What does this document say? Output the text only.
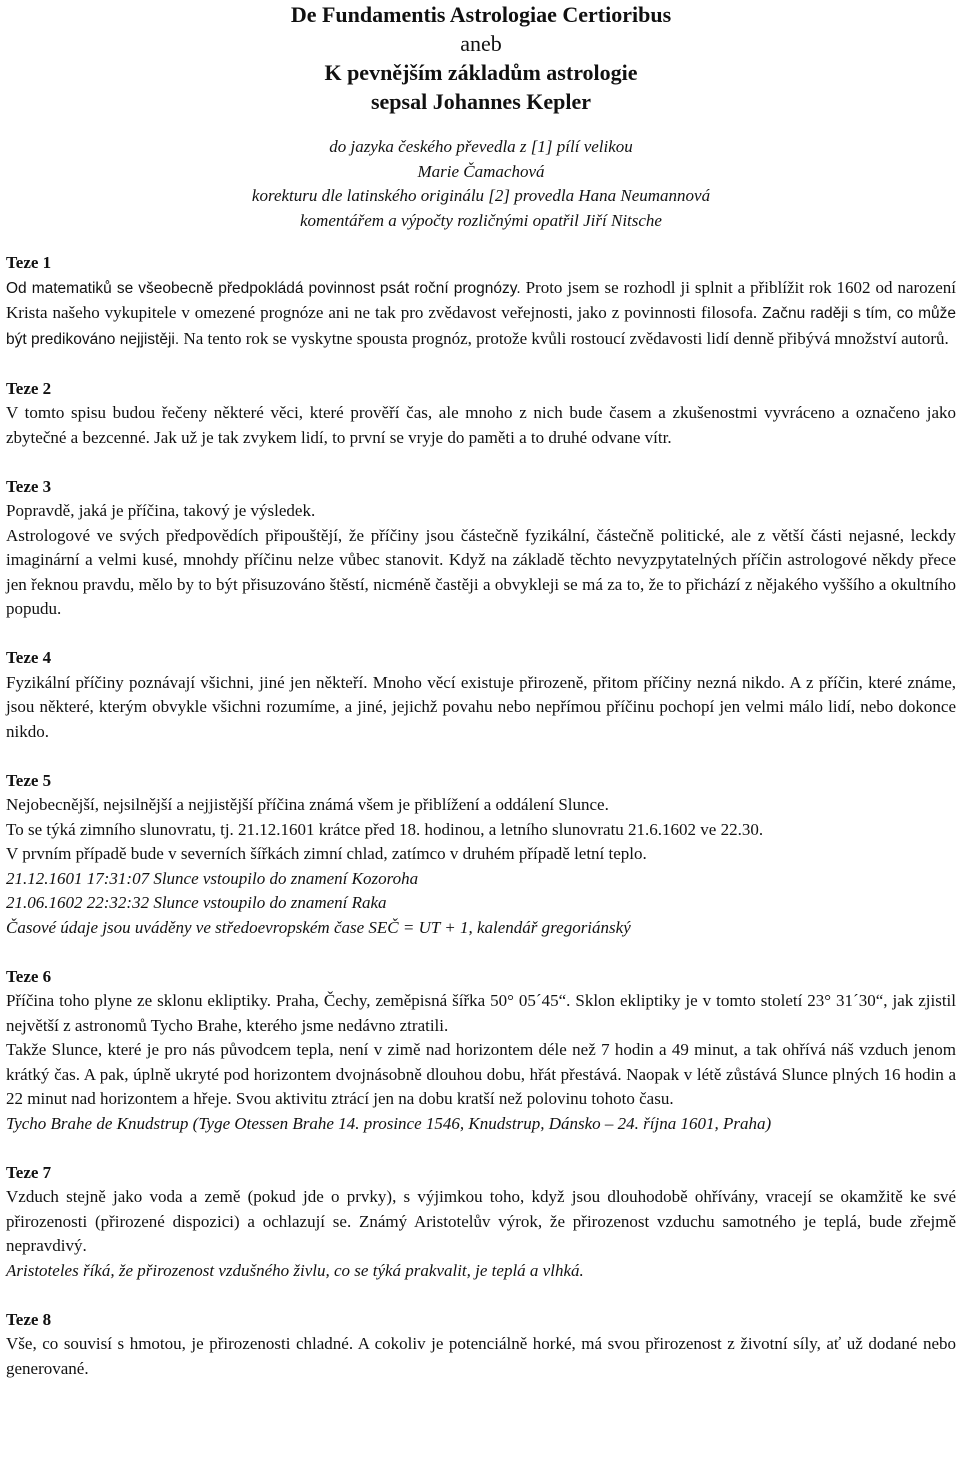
De Fundamentis Astrologiae Certioribus
aneb
K pevnějším základům astrologie
sepsal Johannes Kepler
do jazyka českého převedla z [1] pílí velikou
Marie Čamachová
korekturu dle latinského originálu [2] provedla Hana Neumannová
komentářem a výpočty rozličnými opatřil Jiří Nitsche
Teze 1

Od matematiků se všeobecně předpokládá povinnost psát roční prognózy. Proto jsem se rozhodl ji splnit a přiblížit rok 1602 od narození Krista našeho vykupitele v omezené prognóze ani ne tak pro zvědavost veřejnosti, jako z povinnosti filosofa. Začnu raději s tím, co může být predikováno nejjistěji. Na tento rok se vyskytne spousta prognóz, protože kvůli rostoucí zvědavosti lidí denně přibývá množství autorů.

Teze 2

V tomto spisu budou řečeny některé věci, které prověří čas, ale mnoho z nich bude časem a zkušenostmi vyvráceno a označeno jako zbytečné a bezcenné. Jak už je tak zvykem lidí, to první se vryje do paměti a to druhé odvane vítr.

Teze 3

Popravdě, jaká je příčina, takový je výsledek.

Astrologové ve svých předpovědích připouštějí, že příčiny jsou částečně fyzikální, částečně politické, ale z větší části nejasné, leckdy imaginární a velmi kusé, mnohdy příčinu nelze vůbec stanovit. Když na základě těchto nevyzpytatelných příčin astrologové někdy přece jen řeknou pravdu, mělo by to být přisuzováno štěstí, nicméně častěji a obvykleji se má za to, že to přichází z nějakého vyššího a okultního popudu.

Teze 4

Fyzikální příčiny poznávají všichni, jiné jen někteří. Mnoho věcí existuje přirozeně, přitom příčiny nezná nikdo. A z příčin, které známe, jsou některé, kterým obvykle všichni rozumíme, a jiné, jejichž povahu nebo nepřímou příčinu pochopí jen velmi málo lidí, nebo dokonce nikdo.

Teze 5

Nejobecnější, nejsilnější a nejjistější příčina známá všem je přiblížení a oddálení Slunce.

To se týká zimního slunovratu, tj. 21.12.1601 krátce před 18. hodinou, a letního slunovratu 21.6.1602 ve 22.30.

V prvním případě bude v severních šířkách zimní chlad, zatímco v druhém případě letní teplo.

21.12.1601 17:31:07 Slunce vstoupilo do znamení Kozoroha

21.06.1602 22:32:32 Slunce vstoupilo do znamení Raka

Časové údaje jsou uváděny ve středoevropském čase SEČ = UT + 1, kalendář gregoriánský

Teze 6

Příčina toho plyne ze sklonu ekliptiky. Praha, Čechy, zeměpisná šířka 50° 05´45“. Sklon ekliptiky je v tomto století 23° 31´30“, jak zjistil největší z astronomů Tycho Brahe, kterého jsme nedávno ztratili.

Takže Slunce, které je pro nás původcem tepla, není v zimě nad horizontem déle než 7 hodin a 49 minut, a tak ohřívá náš vzduch jenom krátký čas. A pak, úplně ukryté pod horizontem dvojnásobně dlouhou dobu, hřát přestává. Naopak v létě zůstává Slunce plných 16 hodin a 22 minut nad horizontem a hřeje. Svou aktivitu ztrácí jen na dobu kratší než polovinu tohoto času.

Tycho Brahe de Knudstrup (Tyge Otessen Brahe 14. prosince 1546, Knudstrup, Dánsko – 24. října 1601, Praha)

Teze 7

Vzduch stejně jako voda a země (pokud jde o prvky), s výjimkou toho, když jsou dlouhodobě ohřívány, vracejí se okamžitě ke své přirozenosti (přirozené dispozici) a ochlazují se. Známý Aristotelův výrok, že přirozenost vzduchu samotného je teplá, bude zřejmě nepravdivý.

Aristoteles říká, že přirozenost vzdušného živlu, co se týká prakvalit, je teplá a vlhká.

Teze 8

Vše, co souvisí s hmotou, je přirozenosti chladné. A cokoliv je potenciálně horké, má svou přirozenost z životní síly, ať už dodané nebo generované.
